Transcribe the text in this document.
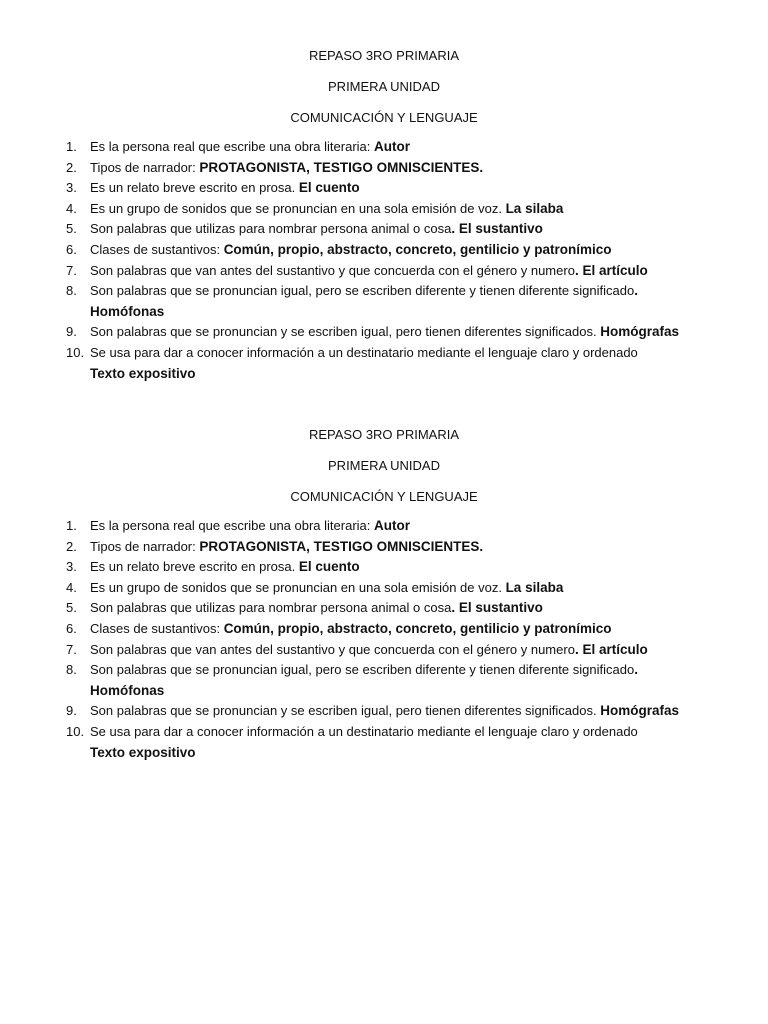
REPASO 3RO PRIMARIA
PRIMERA UNIDAD
COMUNICACIÓN Y LENGUAJE
1.	Es la persona real que escribe una obra literaria: Autor
2.	Tipos de narrador: PROTAGONISTA, TESTIGO OMNISCIENTES.
3.	Es un relato breve escrito en prosa. El cuento
4.	Es un grupo de sonidos que se pronuncian en una sola emisión de voz. La silaba
5.	Son palabras que utilizas para nombrar persona animal o cosa. El sustantivo
6.	Clases de sustantivos: Común, propio, abstracto, concreto, gentilicio y patronímico
7.	Son palabras que van antes del sustantivo y que concuerda con el género y numero. El artículo
8.	Son palabras que se pronuncian igual, pero se escriben diferente y tienen diferente significado.
Homófonas
9.	Son palabras que se pronuncian y se escriben igual, pero tienen diferentes significados. Homógrafas
10. Se usa para dar a conocer información a un destinatario mediante el lenguaje claro y ordenado
Texto expositivo
REPASO 3RO PRIMARIA
PRIMERA UNIDAD
COMUNICACIÓN Y LENGUAJE
1.	Es la persona real que escribe una obra literaria: Autor
2.	Tipos de narrador: PROTAGONISTA, TESTIGO OMNISCIENTES.
3.	Es un relato breve escrito en prosa. El cuento
4.	Es un grupo de sonidos que se pronuncian en una sola emisión de voz. La silaba
5.	Son palabras que utilizas para nombrar persona animal o cosa. El sustantivo
6.	Clases de sustantivos: Común, propio, abstracto, concreto, gentilicio y patronímico
7.	Son palabras que van antes del sustantivo y que concuerda con el género y numero. El artículo
8.	Son palabras que se pronuncian igual, pero se escriben diferente y tienen diferente significado.
Homófonas
9.	Son palabras que se pronuncian y se escriben igual, pero tienen diferentes significados. Homógrafas
10. Se usa para dar a conocer información a un destinatario mediante el lenguaje claro y ordenado
Texto expositivo
